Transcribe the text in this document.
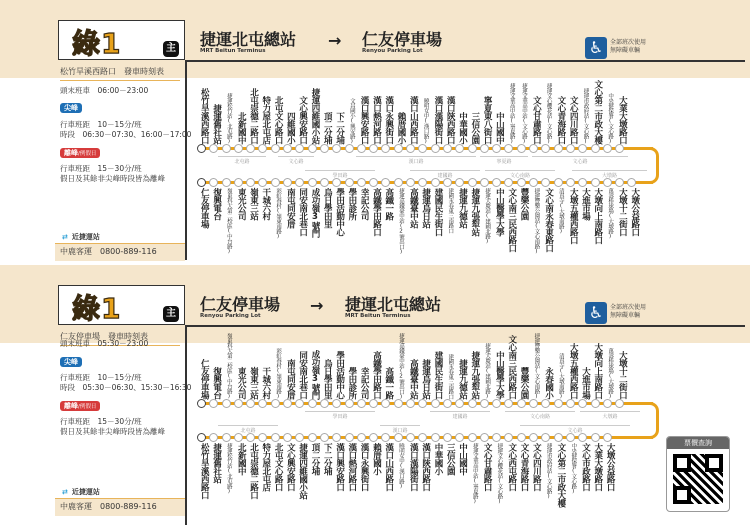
綠1	主 捷運北屯總站
MRT Beitun Terminus
→ 仁友停車場
Renyou Parking Lot	♿	全部班次使用
無障礙車輛
松竹旱溪西路口　發車時刻表
頭末班車　06:00－23:00
尖峰
行車班距　10－15分/班
時段　06:30－07:30、16:00－17:00
離峰/例假日
行車班距　15－30分/班
假日及其餘非尖峰時段皆為離峰
⇄ 近捷運站
中鹿客運　0800-889-116
松竹旱溪西路口 捷運舊社站 捷運松竹站(北屯路) 北新國中 北屯崇德二路口 特力屋北屯店 北屯文心路口 四維國小 文心興安路口 捷運四維國小站 頂二分埔 下二分埔 文昌國小(興安路) 漢口興安路口 漢口熱河路口 漢口永興街口 賴厝國小 漢口山西路口 曉明女中(漢口路) 漢口漢陽街口 漢口陝西路口 中華國小 三信公園 寧夏東八街口 中山國中 捷運文華高中站(寧夏路)	捷運文華高中站(文心路) 文心甘肅路口 捷運文心櫻花站(文心路) 文心青海路口 文心四川路口 捷運市政府站(文心路) 文心第二市政大樓 中央健保署(文心路) 大業大墩路口
仁友停車場 復興電台 嶺東科大第二校區(中台路) 東光公司 嶺東三站 干城六村 彩虹眷村(嶺東南路) 南屯同安厝 同安南北巷口 成功嶺3號門 烏日學田里 學田活動中心 學田診所 幸記公司 高鐵學田路口 高鐵一路 捷運高鐵臺中站(2號出口) 高鐵臺中站 捷運烏日站 建國民生街口 建國永春東三南路口 捷運九德站 捷運九張犁站 捷運大慶站(建國北路) 中山醫學大學 文心南三民西路口 豐樂公園 捷運豐樂公園站(文心南路) 文心南永春東路口 清真寺(大墩南路) 大墩五權西路口 大進市場 大墩向上南路口 萬壽棒球場(大墩路) 大墩十二街口 大墩公益路口
北屯路	文心路	漢口路	寧夏路	文心路
學田路	建國路	文心南路	大墩路
綠1	主 仁友停車場
Renyou Parking Lot
→ 捷運北屯總站
MRT Beitun Terminus	♿	全部班次使用
無障礙車輛
仁友停車場　發車時刻表
頭末班車　05:30－23:00
尖峰
行車班距　10－15分/班
時段　05:30－06:30、15:30－16:30
離峰/例假日
行車班距　15－30分/班
假日及其餘非尖峰時段皆為離峰
⇄ 近捷運站
中鹿客運　0800-889-116
仁友停車場 復興電台 嶺東科大第二校區(中台路) 東光公司 嶺東三站 干城六村 彩虹眷村(嶺東南路) 南屯同安厝 同安南北巷口 成功嶺3號門 烏日學田里 學田活動中心 學田診所 幸記公司 高鐵學田路口 高鐵一路 捷運高鐵臺中站(2號出口) 高鐵臺中站 捷運烏日站 建國民生街口 建國永春東三南路口 捷運九德站 捷運九張犁站 捷運大慶站(建國北路) 中山醫學大學 文心南三民西路口 豐樂公園 捷運豐樂公園站(文心南路) 永春國小 清真寺(大墩南路) 大墩五權西路口 大進市場 大墩向上南路口 萬壽棒球場(大墩路) 大墩十二街口
松竹旱溪西路口 捷運舊社站 捷運松竹站(北屯路) 北新國中 北屯崇德二路口 特力屋北屯店 北屯文心路口 文心興安路口 捷運四維國小站 頂二分埔 下二分埔 漢口興安路口 漢口熱河路口 漢口永興街口 賴厝國小 漢口山西路口 曉明女中(漢口路) 漢口漢陽街口 漢口陝西路口 中華國小 三信公園 中山國中 捷運文華高中站(寧夏路) 文心甘肅路口 捷運文心櫻花站(文心路) 文心西屯路口 文心青海路口 文心四川路口 捷運市政府站(文心路) 文心第二市政大樓 中央健保署(文心路) 文心市政路口 大業大墩路口 大墩公益路口
學田路	建國路	文心南路	大墩路
北屯路	漢口路	文心路
票價查詢
